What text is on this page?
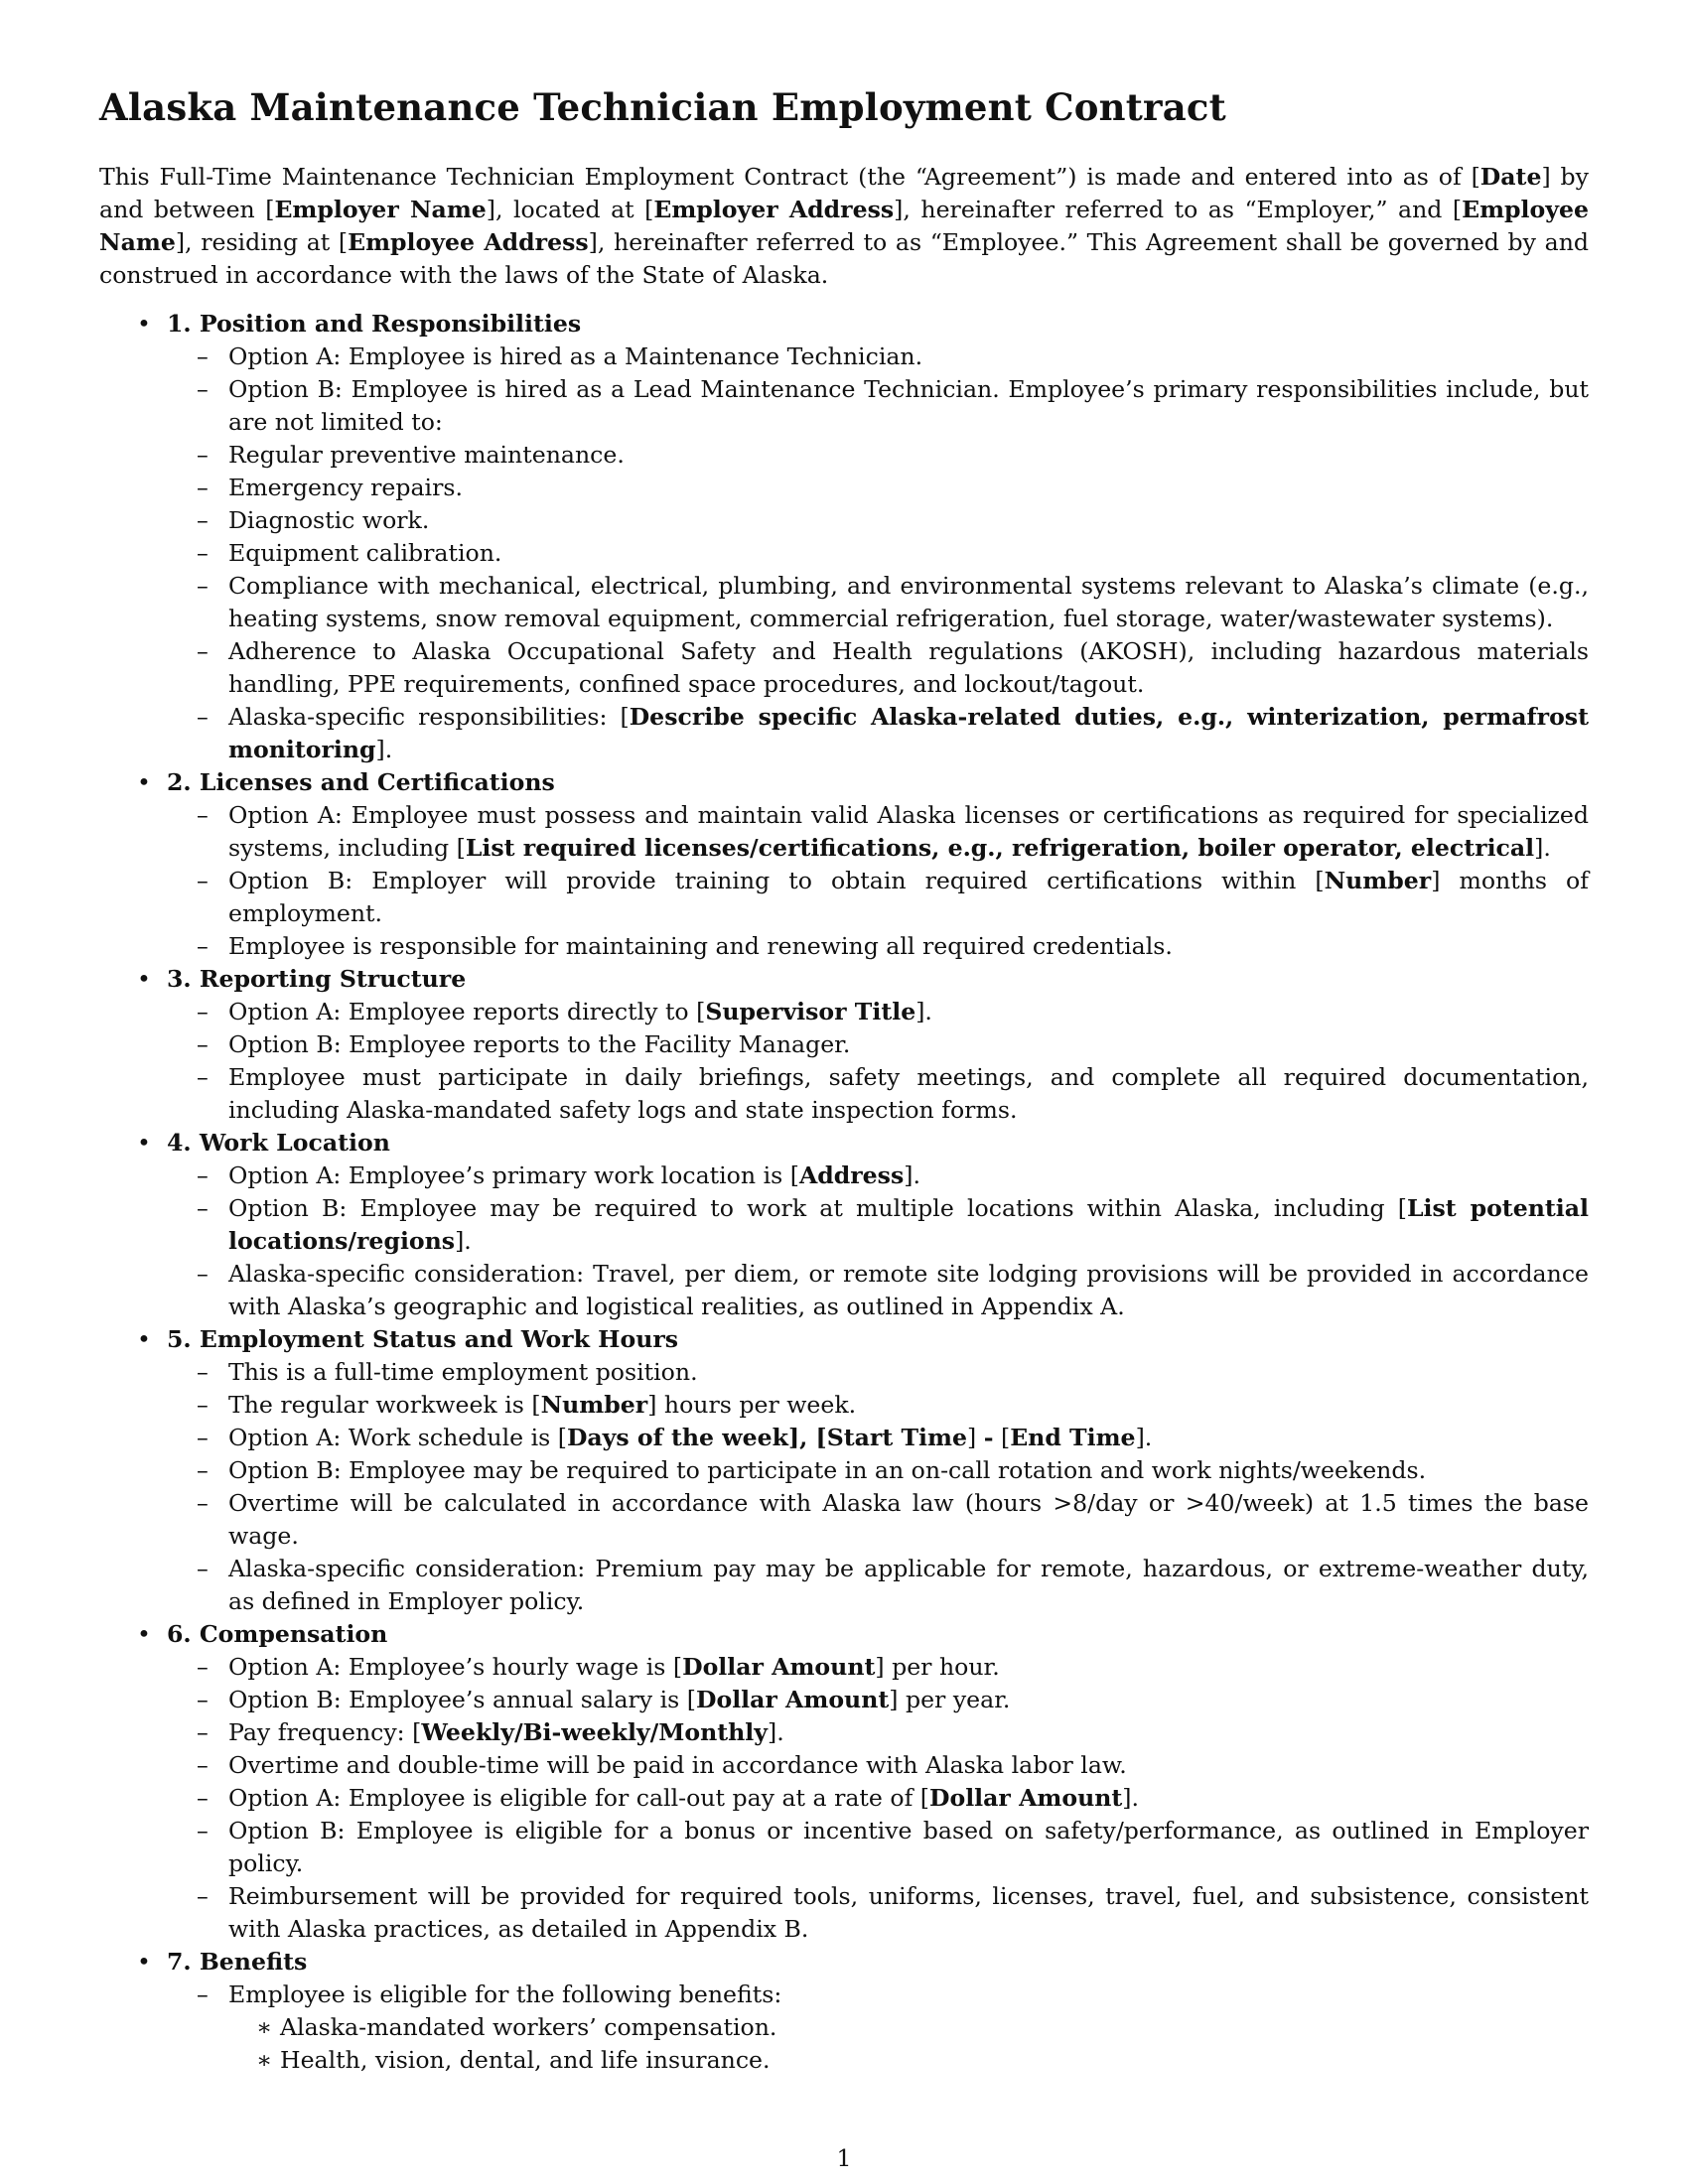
Alaska Maintenance Technician Employment Contract

This Full-Time Maintenance Technician Employment Contract (the “Agreement”) is made and entered into as of [Date] by and between [Employer Name], located at [Employer Address], hereinafter referred to as “Employer,” and [Employee Name], residing at [Employee Address], hereinafter referred to as “Employee.” This Agreement shall be governed by and construed in accordance with the laws of the State of Alaska.

• 1. Position and Responsibilities
– Option A: Employee is hired as a Maintenance Technician.
– Option B: Employee is hired as a Lead Maintenance Technician. Employee’s primary responsibilities include, but are not limited to:
– Regular preventive maintenance.
– Emergency repairs.
– Diagnostic work.
– Equipment calibration.
– Compliance with mechanical, electrical, plumbing, and environmental systems relevant to Alaska’s climate (e.g., heating systems, snow removal equipment, commercial refrigeration, fuel storage, water/wastewater systems).
– Adherence to Alaska Occupational Safety and Health regulations (AKOSH), including hazardous materials handling, PPE requirements, confined space procedures, and lockout/tagout.
– Alaska-specific responsibilities: [Describe specific Alaska-related duties, e.g., winterization, permafrost monitoring].
• 2. Licenses and Certifications
– Option A: Employee must possess and maintain valid Alaska licenses or certifications as required for specialized systems, including [List required licenses/certifications, e.g., refrigeration, boiler operator, electrical].
– Option B: Employer will provide training to obtain required certifications within [Number] months of employment.
– Employee is responsible for maintaining and renewing all required credentials.
• 3. Reporting Structure
– Option A: Employee reports directly to [Supervisor Title].
– Option B: Employee reports to the Facility Manager.
– Employee must participate in daily briefings, safety meetings, and complete all required documentation, including Alaska-mandated safety logs and state inspection forms.
• 4. Work Location
– Option A: Employee’s primary work location is [Address].
– Option B: Employee may be required to work at multiple locations within Alaska, including [List potential locations/regions].
– Alaska-specific consideration: Travel, per diem, or remote site lodging provisions will be provided in accordance with Alaska’s geographic and logistical realities, as outlined in Appendix A.
• 5. Employment Status and Work Hours
– This is a full-time employment position.
– The regular workweek is [Number] hours per week.
– Option A: Work schedule is [Days of the week], [Start Time] - [End Time].
– Option B: Employee may be required to participate in an on-call rotation and work nights/weekends.
– Overtime will be calculated in accordance with Alaska law (hours >8/day or >40/week) at 1.5 times the base wage.
– Alaska-specific consideration: Premium pay may be applicable for remote, hazardous, or extreme-weather duty, as defined in Employer policy.
• 6. Compensation
– Option A: Employee’s hourly wage is [Dollar Amount] per hour.
– Option B: Employee’s annual salary is [Dollar Amount] per year.
– Pay frequency: [Weekly/Bi-weekly/Monthly].
– Overtime and double-time will be paid in accordance with Alaska labor law.
– Option A: Employee is eligible for call-out pay at a rate of [Dollar Amount].
– Option B: Employee is eligible for a bonus or incentive based on safety/performance, as outlined in Employer policy.
– Reimbursement will be provided for required tools, uniforms, licenses, travel, fuel, and subsistence, consistent with Alaska practices, as detailed in Appendix B.
• 7. Benefits
– Employee is eligible for the following benefits:
∗ Alaska-mandated workers’ compensation.
∗ Health, vision, dental, and life insurance.

1
